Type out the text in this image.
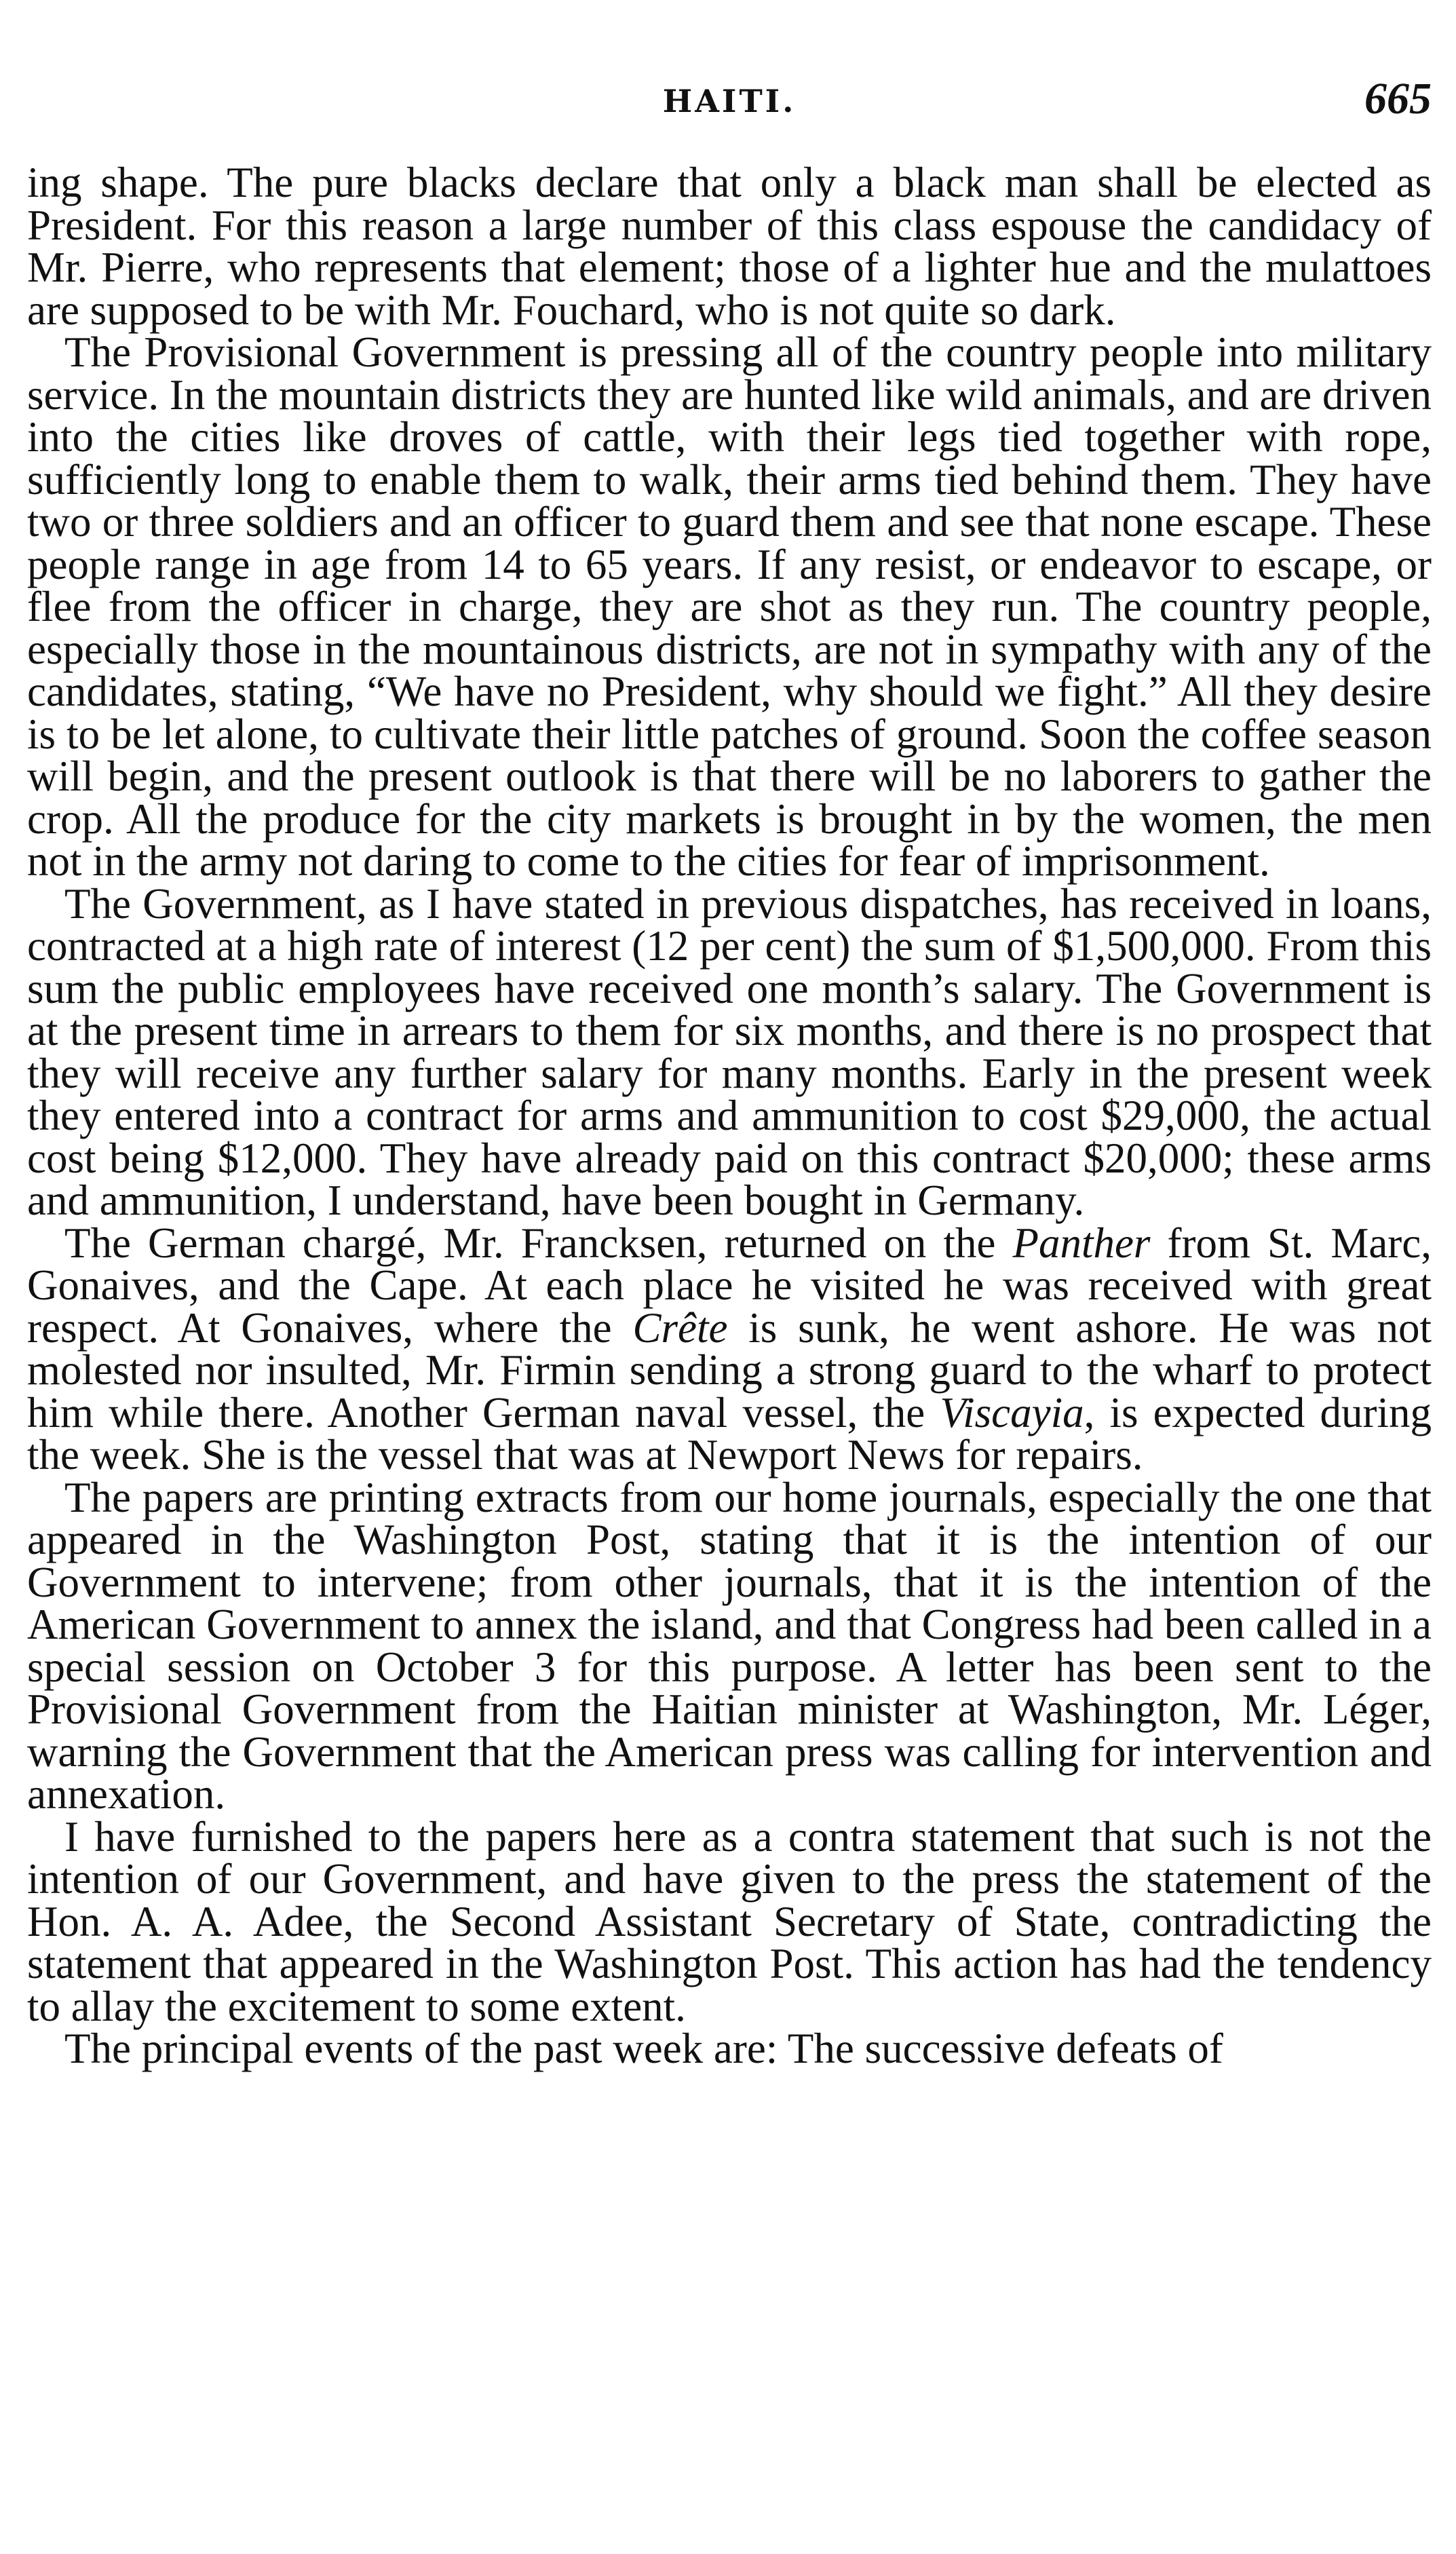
HAITI.	665

ing shape. The pure blacks declare that only a black man shall be elected as President. For this reason a large number of this class espouse the candidacy of Mr. Pierre, who represents that element; those of a lighter hue and the mulattoes are supposed to be with Mr. Fouchard, who is not quite so dark.

The Provisional Government is pressing all of the country people into military service. In the mountain districts they are hunted like wild animals, and are driven into the cities like droves of cattle, with their legs tied together with rope, sufficiently long to enable them to walk, their arms tied behind them. They have two or three soldiers and an officer to guard them and see that none escape. These people range in age from 14 to 65 years. If any resist, or endeavor to escape, or flee from the officer in charge, they are shot as they run. The country people, especially those in the mountainous districts, are not in sympathy with any of the candidates, stating, “We have no President, why should we fight.” All they desire is to be let alone, to cultivate their little patches of ground. Soon the coffee season will begin, and the present outlook is that there will be no laborers to gather the crop. All the produce for the city markets is brought in by the women, the men not in the army not daring to come to the cities for fear of imprisonment.

The Government, as I have stated in previous dispatches, has received in loans, contracted at a high rate of interest (12 per cent) the sum of $1,500,000. From this sum the public employees have received one month’s salary. The Government is at the present time in arrears to them for six months, and there is no prospect that they will receive any further salary for many months. Early in the present week they entered into a contract for arms and ammunition to cost $29,000, the actual cost being $12,000. They have already paid on this contract $20,000; these arms and ammunition, I understand, have been bought in Germany.

The German chargé, Mr. Francksen, returned on the Panther from St. Marc, Gonaives, and the Cape. At each place he visited he was received with great respect. At Gonaives, where the Crête is sunk, he went ashore. He was not molested nor insulted, Mr. Firmin sending a strong guard to the wharf to protect him while there. Another German naval vessel, the Viscayia, is expected during the week. She is the vessel that was at Newport News for repairs.

The papers are printing extracts from our home journals, especially the one that appeared in the Washington Post, stating that it is the intention of our Government to intervene; from other journals, that it is the intention of the American Government to annex the island, and that Congress had been called in a special session on October 3 for this purpose. A letter has been sent to the Provisional Government from the Haitian minister at Washington, Mr. Léger, warning the Government that the American press was calling for intervention and annexation.

I have furnished to the papers here as a contra statement that such is not the intention of our Government, and have given to the press the statement of the Hon. A. A. Adee, the Second Assistant Secretary of State, contradicting the statement that appeared in the Washington Post. This action has had the tendency to allay the excitement to some extent.

The principal events of the past week are: The successive defeats of
